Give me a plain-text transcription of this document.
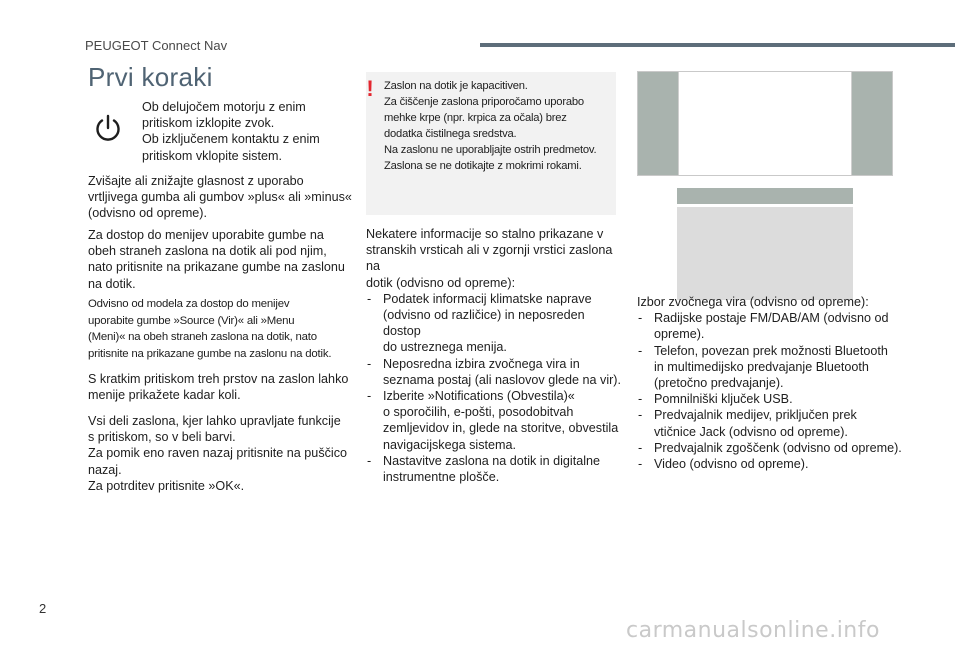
PEUGEOT Connect Nav
Prvi koraki
Ob delujočem motorju z enim
pritiskom izklopite zvok.
Ob izključenem kontaktu z enim
pritiskom vklopite sistem.
Zvišajte ali znižajte glasnost z uporabo
vrtljivega gumba ali gumbov »plus« ali »minus«
(odvisno od opreme).
Za dostop do menijev uporabite gumbe na
obeh straneh zaslona na dotik ali pod njim,
nato pritisnite na prikazane gumbe na zaslonu
na dotik.
Odvisno od modela za dostop do menijev
uporabite gumbe »Source (Vir)« ali »Menu
(Meni)« na obeh straneh zaslona na dotik, nato
pritisnite na prikazane gumbe na zaslonu na dotik.
S kratkim pritiskom treh prstov na zaslon lahko
menije prikažete kadar koli.
Vsi deli zaslona, kjer lahko upravljate funkcije
s pritiskom, so v beli barvi.
Za pomik eno raven nazaj pritisnite na puščico
nazaj.
Za potrditev pritisnite »OK«.
! Zaslon na dotik je kapacitiven.
Za čiščenje zaslona priporočamo uporabo
mehke krpe (npr. krpica za očala) brez
dodatka čistilnega sredstva.
Na zaslonu ne uporabljajte ostrih predmetov.
Zaslona se ne dotikajte z mokrimi rokami.
Nekatere informacije so stalno prikazane v
stranskih vrsticah ali v zgornji vrstici zaslona na
dotik (odvisno od opreme):
- Podatek informacij klimatske naprave
(odvisno od različice) in neposreden dostop
do ustreznega menija.
- Neposredna izbira zvočnega vira in
seznama postaj (ali naslovov glede na vir).
- Izberite »Notifications (Obvestila)«
o sporočilih, e-pošti, posodobitvah
zemljevidov in, glede na storitve, obvestila
navigacijskega sistema.
- Nastavitve zaslona na dotik in digitalne
instrumentne plošče.
Izbor zvočnega vira (odvisno od opreme):
- Radijske postaje FM/DAB/AM (odvisno od
opreme).
- Telefon, povezan prek možnosti Bluetooth
in multimedijsko predvajanje Bluetooth
(pretočno predvajanje).
- Pomnilniški ključek USB.
- Predvajalnik medijev, priključen prek
vtičnice Jack (odvisno od opreme).
- Predvajalnik zgoščenk (odvisno od opreme).
- Video (odvisno od opreme).
2
carmanualsonline.info
